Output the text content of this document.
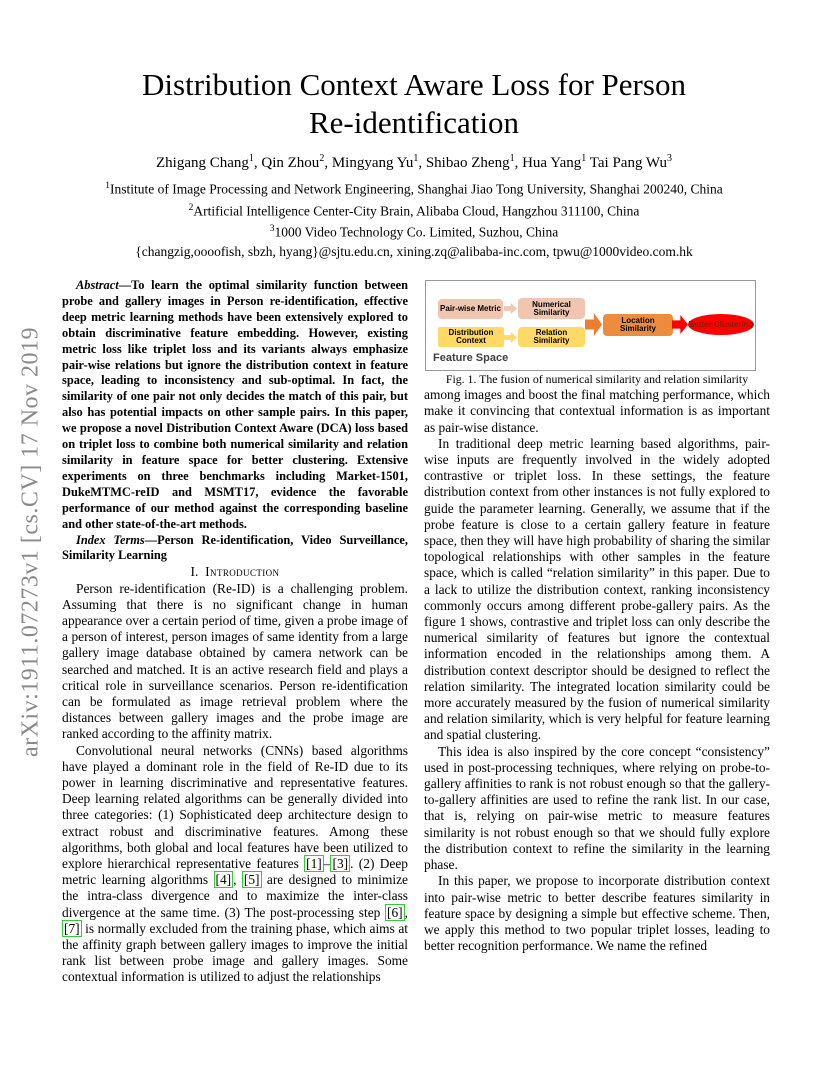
arXiv:1911.07273v1 [cs.CV] 17 Nov 2019
Distribution Context Aware Loss for Person
Re-identification
Zhigang Chang$^1$, Qin Zhou$^2$, Mingyang Yu$^1$, Shibao Zheng$^1$, Hua Yang$^1$ Tai Pang Wu$^3$
$^1$Institute of Image Processing and Network Engineering, Shanghai Jiao Tong University, Shanghai 200240, China
$^2$Artificial Intelligence Center-City Brain, Alibaba Cloud, Hangzhou 311100, China
$^3$1000 Video Technology Co. Limited, Suzhou, China
{changzig,oooofish, sbzh, hyang}@sjtu.edu.cn, xining.zq@alibaba-inc.com, tpwu@1000video.com.hk

Abstract—To learn the optimal similarity function between probe and gallery images in Person re-identification, effective deep metric learning methods have been extensively explored to obtain discriminative feature embedding. However, existing metric loss like triplet loss and its variants always emphasize pair-wise relations but ignore the distribution context in feature space, leading to inconsistency and sub-optimal. In fact, the similarity of one pair not only decides the match of this pair, but also has potential impacts on other sample pairs. In this paper, we propose a novel Distribution Context Aware (DCA) loss based on triplet loss to combine both numerical similarity and relation similarity in feature space for better clustering. Extensive experiments on three benchmarks including Market-1501, DukeMTMC-reID and MSMT17, evidence the favorable performance of our method against the corresponding baseline and other state-of-the-art methods.

Index Terms—Person Re-identification, Video Surveillance, Similarity Learning

I. Introduction

Person re-identification (Re-ID) is a challenging problem. Assuming that there is no significant change in human appearance over a certain period of time, given a probe image of a person of interest, person images of same identity from a large gallery image database obtained by camera network can be searched and matched. It is an active research field and plays a critical role in surveillance scenarios. Person re-identification can be formulated as image retrieval problem where the distances between gallery images and the probe image are ranked according to the affinity matrix.

Convolutional neural networks (CNNs) based algorithms have played a dominant role in the field of Re-ID due to its power in learning discriminative and representative features. Deep learning related algorithms can be generally divided into three categories: (1) Sophisticated deep architecture design to extract robust and discriminative features. Among these algorithms, both global and local features have been utilized to explore hierarchical representative features [1] – [3] . (2) Deep metric learning algorithms [4] , [5] are designed to minimize the intra-class divergence and to maximize the inter-class divergence at the same time. (3) The post-processing step [6] , [7] is normally excluded from the training phase, which aims at the affinity graph between gallery images to improve the initial rank list between probe image and gallery images. Some contextual information is utilized to adjust the relationships

Pair-wise Metric	Numerical Similarity
Distribution Context
Relation Similarity
Location Similarity	Better Clustering
Feature Space

Fig. 1. The fusion of numerical similarity and relation similarity

among images and boost the final matching performance, which make it convincing that contextual information is as important as pair-wise distance.

In traditional deep metric learning based algorithms, pair-wise inputs are frequently involved in the widely adopted contrastive or triplet loss. In these settings, the feature distribution context from other instances is not fully explored to guide the parameter learning. Generally, we assume that if the probe feature is close to a certain gallery feature in feature space, then they will have high probability of sharing the similar topological relationships with other samples in the feature space, which is called “relation similarity” in this paper. Due to a lack to utilize the distribution context, ranking inconsistency commonly occurs among different probe-gallery pairs. As the figure 1 shows, contrastive and triplet loss can only describe the numerical similarity of features but ignore the contextual information encoded in the relationships among them. A distribution context descriptor should be designed to reflect the relation similarity. The integrated location similarity could be more accurately measured by the fusion of numerical similarity and relation similarity, which is very helpful for feature learning and spatial clustering.

This idea is also inspired by the core concept “consistency” used in post-processing techniques, where relying on probe-to-gallery affinities to rank is not robust enough so that the gallery-to-gallery affinities are used to refine the rank list. In our case, that is, relying on pair-wise metric to measure features similarity is not robust enough so that we should fully explore the distribution context to refine the similarity in the learning phase.

In this paper, we propose to incorporate distribution context into pair-wise metric to better describe features similarity in feature space by designing a simple but effective scheme. Then, we apply this method to two popular triplet losses, leading to better recognition performance. We name the refined
